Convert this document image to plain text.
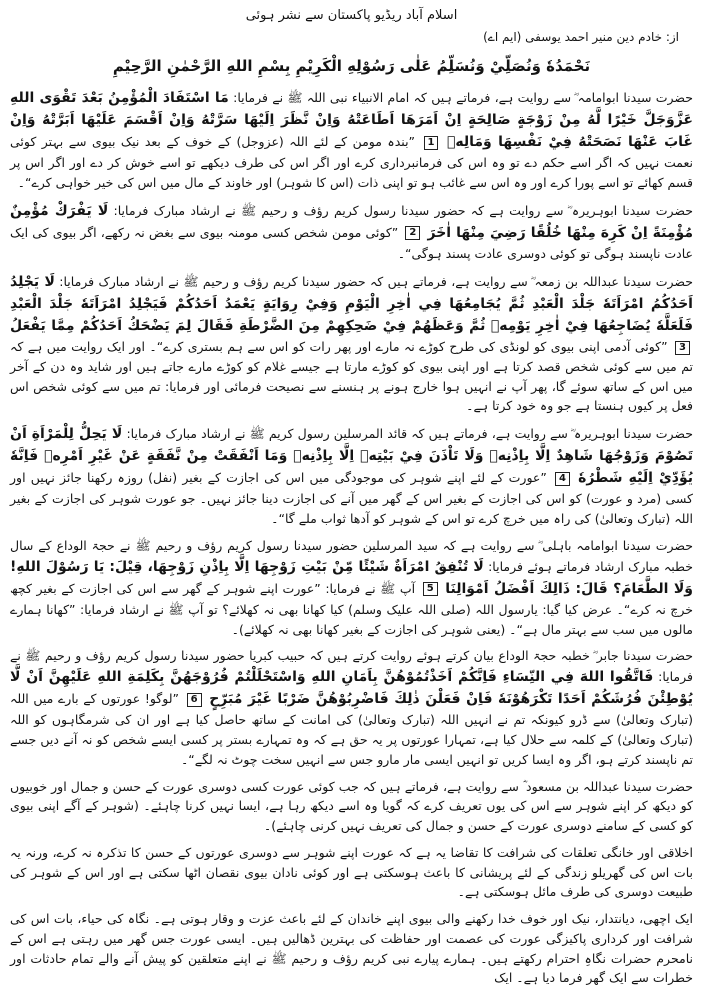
اسلام آباد ریڈیو پاکستان سے نشر ہوئی
از: خادم دین منیر احمد یوسفی (ایم اے)
نَحْمَدُهٗ وَنُصَلِّيْ وَنُسَلِّمُ عَلٰى رَسُوْلِهِ الْكَرِيْمِ بِسْمِ اللهِ الرَّحْمٰنِ الرَّحِيْمِ

حضرت سیدنا ابوامامہ ؓ سے روایت ہے، فرماتے ہیں کہ امام الانبیاء نبی اللہ ﷺ نے فرمایا: مَا اسْتَفَادَ الْمُؤْمِنُ بَعْدَ تَقْوَى اللهِ عَزَّوَجَلَّ خَيْرًا لَّهُ مِنْ زَوْجَةٍ صَالِحَةٍ اِنْ اَمَرَهَا اَطَاعَتْهُ وَاِنْ نَّظَرَ اِلَيْهَا سَرَّتْهُ وَاِنْ اَقْسَمَ عَلَيْهَا اَبَرَّتْهُ وَاِنْ غَابَ عَنْهَا نَصَحَتْهُ فِيْ نَفْسِهَا وَمَالِهٖ 1 ”بندہ مومن کے لئے اللہ (عزوجل) کے خوف کے بعد نیک بیوی سے بہتر کوئی نعمت نہیں کہ اگر اسے حکم دے تو وہ اس کی فرمانبرداری کرے اور اگر اس کی طرف دیکھے تو اسے خوش کر دے اور اگر اس پر قسم کھائے تو اسے پورا کرے اور وہ اس سے غائب ہو تو اپنی ذات (اس کا شوہر) اور خاوند کے مال میں اس کی خیر خواہی کرے“۔

حضرت سیدنا ابوہریرہ ؓ سے روایت ہے کہ حضور سیدنا رسول کریم رؤف و رحیم ﷺ نے ارشاد مبارک فرمایا: لَا يَفْرَكْ مُؤْمِنٌ مُؤْمِنَةً اِنْ كَرِهَ مِنْهَا خُلُقًا رَضِيَ مِنْهَا اٰخَرَ 2 ”کوئی مومن شخص کسی مومنہ بیوی سے بغض نہ رکھے، اگر بیوی کی ایک عادت ناپسند ہوگی تو کوئی دوسری عادت پسند ہوگی“۔

حضرت سیدنا عبداللہ بن زمعہ ؓ سے روایت ہے، فرماتے ہیں کہ حضور سیدنا کریم رؤف و رحیم ﷺ نے ارشاد مبارک فرمایا: لَا يَجْلِدُ اَحَدُكُمُ امْرَاَتَهٗ جَلْدَ الْعَبْدِ ثُمَّ يُجَامِعُهَا فِي اٰخِرِ الْيَوْمِ وَفِيْ رِوَايَةٍ يَعْمَدُ اَحَدُكُمْ فَيَجْلِدُ امْرَاَتَهٗ جَلْدَ الْعَبْدِ فَلَعَلَّهٗ يُضَاجِعُهَا فِيْ اٰخِرِ يَوْمِهٖ ثُمَّ وَعَظَهُمْ فِيْ ضَحِكِهِمْ مِنَ الضَّرْطَةِ فَقَالَ لِمَ يَضْحَكُ اَحَدُكُمْ مِمَّا يَفْعَلُ 3 ”کوئی آدمی اپنی بیوی کو لونڈی کی طرح کوڑے نہ مارے اور پھر رات کو اس سے ہم بستری کرے“۔ اور ایک روایت میں ہے کہ تم میں سے کوئی شخص قصد کرتا ہے اور اپنی بیوی کو کوڑے مارتا ہے جیسے غلام کو کوڑے مارے جاتے ہیں اور شاید وہ دن کے آخر میں اس کے ساتھ سوئے گا، پھر آپ نے انہیں ہوا خارج ہونے پر ہنسنے سے نصیحت فرمائی اور فرمایا: تم میں سے کوئی شخص اس فعل پر کیوں ہنستا ہے جو وہ خود کرتا ہے۔

حضرت سیدنا ابوہریرہ ؓ سے روایت ہے، فرماتے ہیں کہ قائد المرسلین رسول کریم ﷺ نے ارشاد مبارک فرمایا: لَا يَحِلُّ لِلْمَرْاَةِ اَنْ تَصُوْمَ وَزَوْجُهَا شَاهِدٌ اِلَّا بِاِذْنِهٖ وَلَا تَاْذَنَ فِيْ بَيْتِهٖ اِلَّا بِاِذْنِهٖ وَمَا اَنْفَقَتْ مِنْ نَّفَقَةٍ عَنْ غَيْرِ اَمْرِهٖ فَاِنَّهٗ يُؤَدِّيْ اِلَيْهِ شَطْرُهٗ 4 ”عورت کے لئے اپنے شوہر کی موجودگی میں اس کی اجازت کے بغیر (نفل) روزہ رکھنا جائز نہیں اور کسی (مرد و عورت) کو اس کی اجازت کے بغیر اس کے گھر میں آنے کی اجازت دینا جائز نہیں۔ جو عورت شوہر کی اجازت کے بغیر اللہ (تبارک وتعالیٰ) کی راہ میں خرچ کرے تو اس کے شوہر کو آدھا ثواب ملے گا“۔

حضرت سیدنا ابوامامہ باہلی ؓ سے روایت ہے کہ سید المرسلین حضور سیدنا رسول کریم رؤف و رحیم ﷺ نے حجۃ الوداع کے سال خطبہ مبارک ارشاد فرماتے ہوئے فرمایا: لَا تُنْفِقُ امْرَاَةٌ شَيْئًا مِّنْ بَيْتِ زَوْجِهَا اِلَّا بِاِذْنِ زَوْجِهَا، قِيْلَ: يَا رَسُوْلَ اللهِ! وَلَا الطَّعَامَ؟ قَالَ: ذَالِكَ اَفْضَلُ اَمْوَالِنَا 5 آپ ﷺ نے فرمایا: ”عورت اپنے شوہر کے گھر سے اس کی اجازت کے بغیر کچھ خرچ نہ کرے“۔ عرض کیا گیا: یارسول اللہ (صلی اللہ علیک وسلم) کیا کھانا بھی نہ کھلائے؟ تو آپ ﷺ نے ارشاد فرمایا: ”کھانا ہمارے مالوں میں سب سے بہتر مال ہے“۔ (یعنی شوہر کی اجازت کے بغیر کھانا بھی نہ کھلائے)۔

حضرت سیدنا جابر ؓ خطبہ حجۃ الوداع بیان کرتے ہوئے روایت کرتے ہیں کہ حبیب کبریا حضور سیدنا رسول کریم رؤف و رحیم ﷺ نے فرمایا: فَاتَّقُوا اللهَ فِي النِّسَاءِ فَاِنَّكُمْ اَخَذْتُمُوْهُنَّ بِاَمَانِ اللهِ وَاسْتَحْلَلْتُمْ فُرُوْجَهُنَّ بِكَلِمَةِ اللهِ عَلَيْهِنَّ اَنْ لَّا يُوْطِئْنَ فُرُشَكُمْ اَحَدًا تَكْرَهُوْنَهٗ فَاِنْ فَعَلْنَ ذٰلِكَ فَاضْرِبُوْهُنَّ ضَرْبًا غَيْرَ مُبَرِّحٍ 6 ”لوگو! عورتوں کے بارے میں اللہ (تبارک وتعالیٰ) سے ڈرو کیونکہ تم نے انہیں اللہ (تبارک وتعالیٰ) کی امانت کے ساتھ حاصل کیا ہے اور ان کی شرمگاہوں کو اللہ (تبارک وتعالیٰ) کے کلمہ سے حلال کیا ہے، تمہارا عورتوں پر یہ حق ہے کہ وہ تمہارے بستر پر کسی ایسے شخص کو نہ آنے دیں جسے تم ناپسند کرتے ہو، اگر وہ ایسا کریں تو انہیں ایسی مار مارو جس سے انہیں سخت چوٹ نہ لگے“۔

حضرت سیدنا عبداللہ بن مسعود ؓ سے روایت ہے، فرماتے ہیں کہ جب کوئی عورت کسی دوسری عورت کے حسن و جمال اور خوبیوں کو دیکھ کر اپنے شوہر سے اس کی یوں تعریف کرے کہ گویا وہ اسے دیکھ رہا ہے، ایسا نہیں کرنا چاہئے۔ (شوہر کے آگے اپنی بیوی کو کسی کے سامنے دوسری عورت کے حسن و جمال کی تعریف نہیں کرنی چاہئے)۔

اخلاقی اور خانگی تعلقات کی شرافت کا تقاضا یہ ہے کہ عورت اپنے شوہر سے دوسری عورتوں کے حسن کا تذکرہ نہ کرے، ورنہ یہ بات اس کی گھریلو زندگی کے لئے پریشانی کا باعث ہوسکتی ہے اور کوئی نادان بیوی نقصان اٹھا سکتی ہے اور اس کے شوہر کی طبیعت دوسری کی طرف مائل ہوسکتی ہے۔

ایک اچھی، دیانتدار، نیک اور خوف خدا رکھنے والی بیوی اپنے خاندان کے لئے باعث عزت و وقار ہوتی ہے۔ نگاہ کی حیاء، بات اس کی شرافت اور کرداری پاکیزگی عورت کی عصمت اور حفاظت کی بہترین ڈھالیں ہیں۔ ایسی عورت جس گھر میں رہتی ہے اس کے نامحرم حضرات نگاہِ احترام رکھتے ہیں۔ ہمارے پیارے نبی کریم رؤف و رحیم ﷺ نے اپنے متعلقین کو پیش آنے والے تمام حادثات اور خطرات سے ایک گھر فرما دیا ہے۔ ایک
